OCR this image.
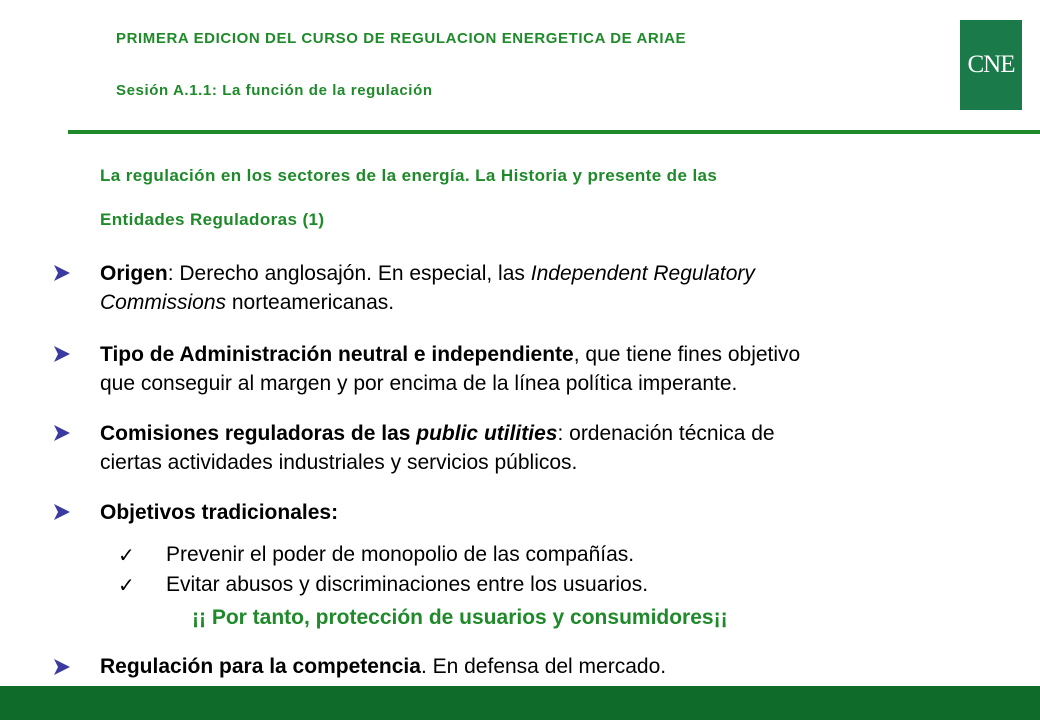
PRIMERA EDICION DEL CURSO DE REGULACION ENERGETICA DE ARIAE
Sesión A.1.1: La función de la regulación
CNE
La regulación en los sectores de la energía. La Historia y presente de las
Entidades Reguladoras (1)
Origen: Derecho anglosajón. En especial, las Independent Regulatory
Commissions norteamericanas.
Tipo de Administración neutral e independiente, que tiene fines objetivo
que conseguir al margen y por encima de la línea política imperante.
Comisiones reguladoras de las public utilities: ordenación técnica de
ciertas actividades industriales y servicios públicos.
Objetivos tradicionales:
✓ Prevenir el poder de monopolio de las compañías.
✓ Evitar abusos y discriminaciones entre los usuarios.
¡¡ Por tanto, protección de usuarios y consumidores¡¡
Regulación para la competencia. En defensa del mercado.
